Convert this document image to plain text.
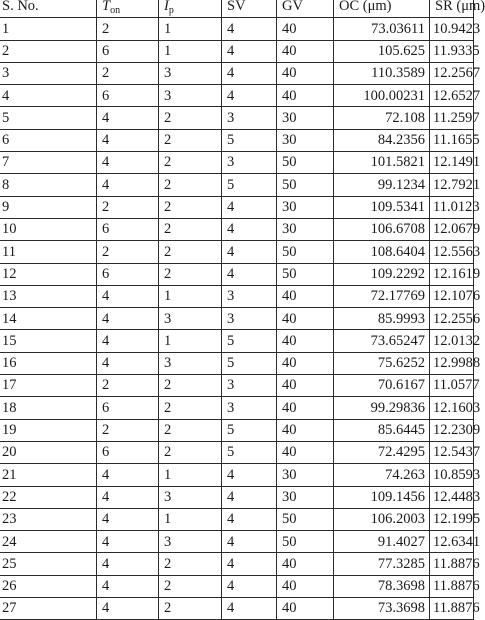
S. No.	$T_{on}$	$I_p$	SV	GV	OC (μm)	SR (μm)
1	2	1	4	40	73.03611	10.9423
2	6	1	4	40	105.625	11.9335
3	2	3	4	40	110.3589	12.2567
4	6	3	4	40	100.00231	12.6527
5	4	2	3	30	72.108	11.2597
6	4	2	5	30	84.2356	11.1655
7	4	2	3	50	101.5821	12.1491
8	4	2	5	50	99.1234	12.7921
9	2	2	4	30	109.5341	11.0123
10	6	2	4	30	106.6708	12.0679
11	2	2	4	50	108.6404	12.5563
12	6	2	4	50	109.2292	12.1619
13	4	1	3	40	72.17769	12.1076
14	4	3	3	40	85.9993	12.2556
15	4	1	5	40	73.65247	12.0132
16	4	3	5	40	75.6252	12.9988
17	2	2	3	40	70.6167	11.0577
18	6	2	3	40	99.29836	12.1603
19	2	2	5	40	85.6445	12.2309
20	6	2	5	40	72.4295	12.5437
21	4	1	4	30	74.263	10.8593
22	4	3	4	30	109.1456	12.4483
23	4	1	4	50	106.2003	12.1995
24	4	3	4	50	91.4027	12.6341
25	4	2	4	40	77.3285	11.8876
26	4	2	4	40	78.3698	11.8876
27	4	2	4	40	73.3698	11.8876
